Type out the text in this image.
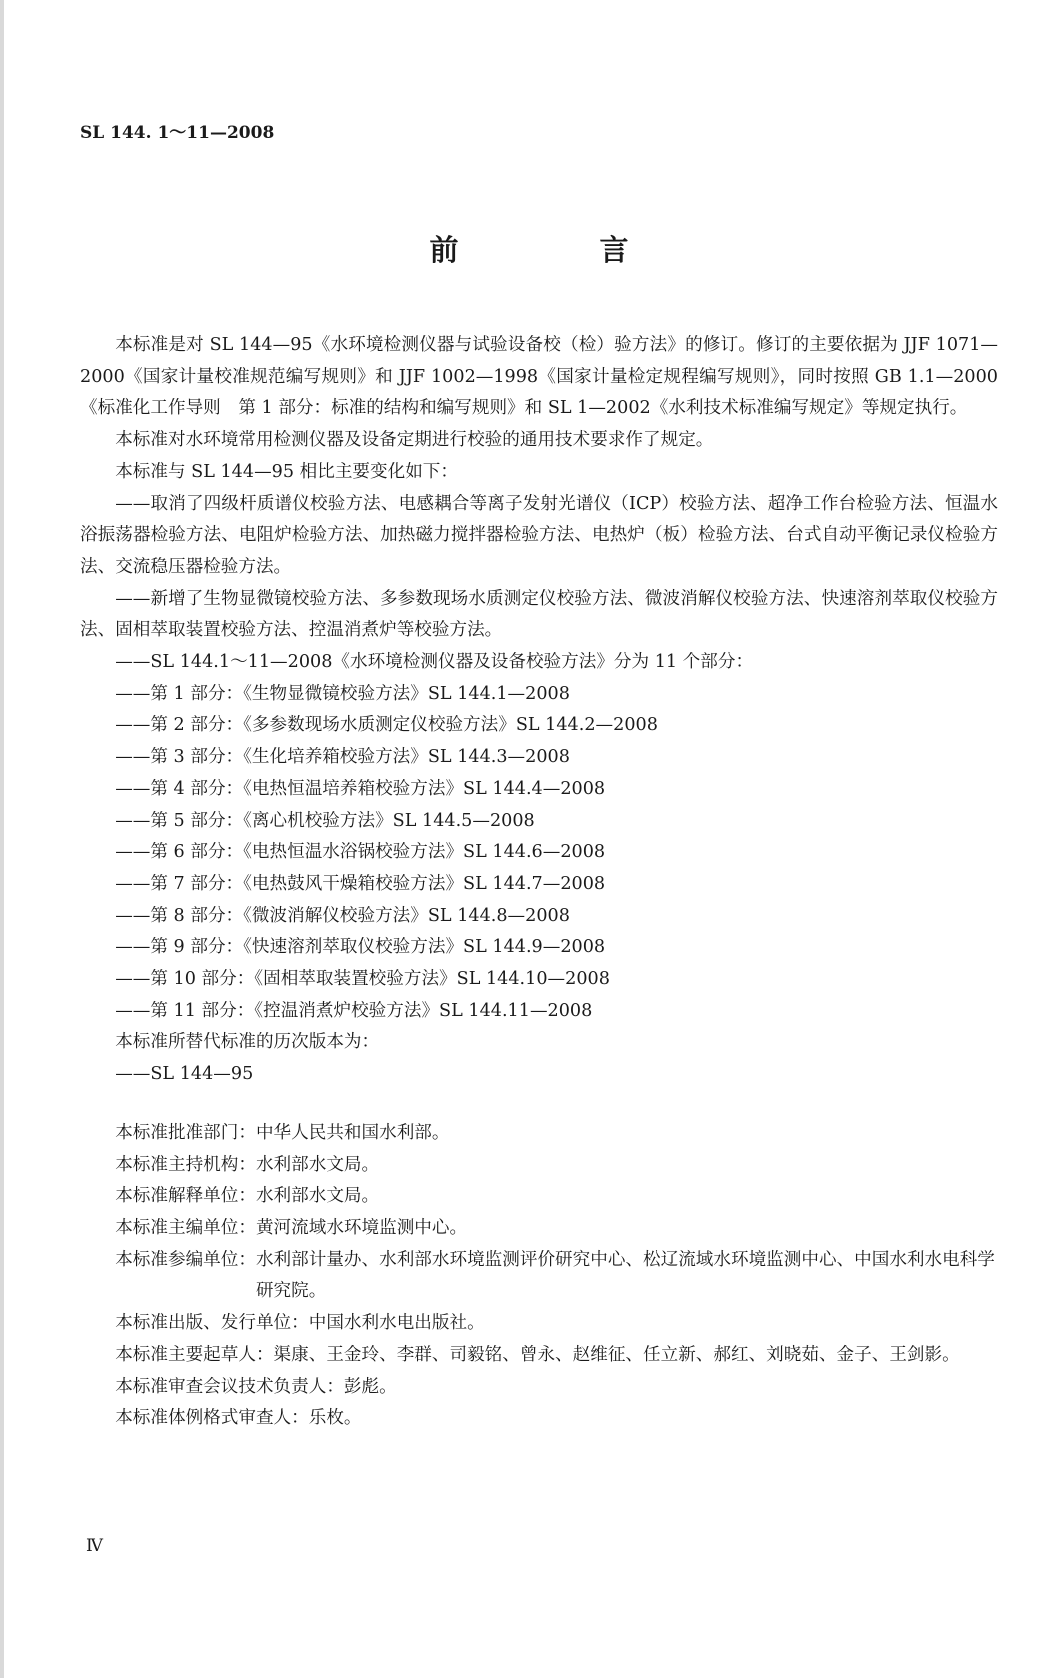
SL 144. 1～11—2008
前　言

本标准是对 SL 144—95《水环境检测仪器与试验设备校（检）验方法》的修订。修订的主要依据为 JJF 1071—2000《国家计量校准规范编写规则》和 JJF 1002—1998《国家计量检定规程编写规则》，同时按照 GB 1.1—2000《标准化工作导则　第 1 部分：标准的结构和编写规则》和 SL 1—2002《水利技术标准编写规定》等规定执行。

本标准对水环境常用检测仪器及设备定期进行校验的通用技术要求作了规定。

本标准与 SL 144—95 相比主要变化如下：

——取消了四级杆质谱仪校验方法、电感耦合等离子发射光谱仪（ICP）校验方法、超净工作台检验方法、恒温水浴振荡器检验方法、电阻炉检验方法、加热磁力搅拌器检验方法、电热炉（板）检验方法、台式自动平衡记录仪检验方法、交流稳压器检验方法。

——新增了生物显微镜校验方法、多参数现场水质测定仪校验方法、微波消解仪校验方法、快速溶剂萃取仪校验方法、固相萃取装置校验方法、控温消煮炉等校验方法。

——SL 144.1～11—2008《水环境检测仪器及设备校验方法》分为 11 个部分：

——第 1 部分：《生物显微镜校验方法》SL 144.1—2008

——第 2 部分：《多参数现场水质测定仪校验方法》SL 144.2—2008

——第 3 部分：《生化培养箱校验方法》SL 144.3—2008

——第 4 部分：《电热恒温培养箱校验方法》SL 144.4—2008

——第 5 部分：《离心机校验方法》SL 144.5—2008

——第 6 部分：《电热恒温水浴锅校验方法》SL 144.6—2008

——第 7 部分：《电热鼓风干燥箱校验方法》SL 144.7—2008

——第 8 部分：《微波消解仪校验方法》SL 144.8—2008

——第 9 部分：《快速溶剂萃取仪校验方法》SL 144.9—2008

——第 10 部分：《固相萃取装置校验方法》SL 144.10—2008

——第 11 部分：《控温消煮炉校验方法》SL 144.11—2008

本标准所替代标准的历次版本为：

——SL 144—95

本标准批准部门： 中华人民共和国水利部。
本标准主持机构： 水利部水文局。
本标准解释单位： 水利部水文局。
本标准主编单位： 黄河流域水环境监测中心。
本标准参编单位： 水利部计量办、水利部水环境监测评价研究中心、松辽流域水环境监测中心、中国水利水电科学研究院。
本标准出版、发行单位： 中国水利水电出版社。
本标准主要起草人： 渠康、王金玲、李群、司毅铭、曾永、赵维征、任立新、郝红、刘晓茹、金子、王剑影。
本标准审查会议技术负责人： 彭彪。
本标准体例格式审查人： 乐枚。
Ⅳ
